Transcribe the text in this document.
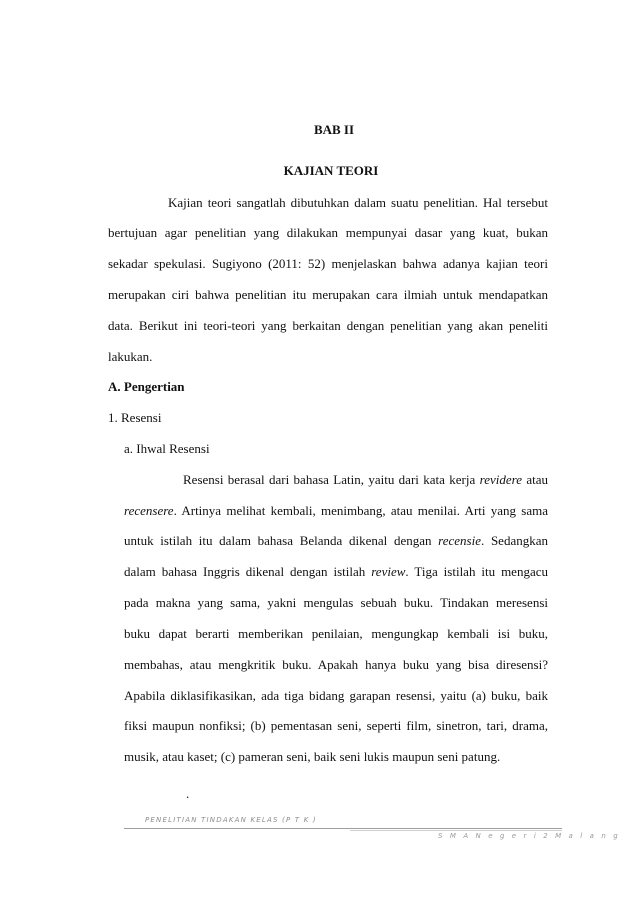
BAB II
KAJIAN TEORI
Kajian teori sangatlah dibutuhkan dalam suatu penelitian. Hal tersebut
bertujuan agar penelitian yang dilakukan mempunyai dasar yang kuat, bukan
sekadar spekulasi. Sugiyono (2011: 52) menjelaskan bahwa adanya kajian teori
merupakan ciri bahwa penelitian itu merupakan cara ilmiah untuk mendapatkan
data. Berikut ini teori-teori yang berkaitan dengan penelitian yang akan peneliti
lakukan.
A. Pengertian
1. Resensi
a. Ihwal Resensi
Resensi berasal dari bahasa Latin, yaitu dari kata kerja revidere atau
recensere. Artinya melihat kembali, menimbang, atau menilai. Arti yang sama
untuk istilah itu dalam bahasa Belanda dikenal dengan recensie. Sedangkan
dalam bahasa Inggris dikenal dengan istilah review. Tiga istilah itu mengacu
pada makna yang sama, yakni mengulas sebuah buku. Tindakan meresensi
buku dapat berarti memberikan penilaian, mengungkap kembali isi buku,
membahas, atau mengkritik buku. Apakah hanya buku yang bisa diresensi?
Apabila diklasifikasikan, ada tiga bidang garapan resensi, yaitu (a) buku, baik
fiksi maupun nonfiksi; (b) pementasan seni, seperti film, sinetron, tari, drama,
musik, atau kaset; (c) pameran seni, baik seni lukis maupun seni patung.
.
PENELITIAN TINDAKAN KELAS (P T K )
S M A N e g e r i 2 M a l a n g
